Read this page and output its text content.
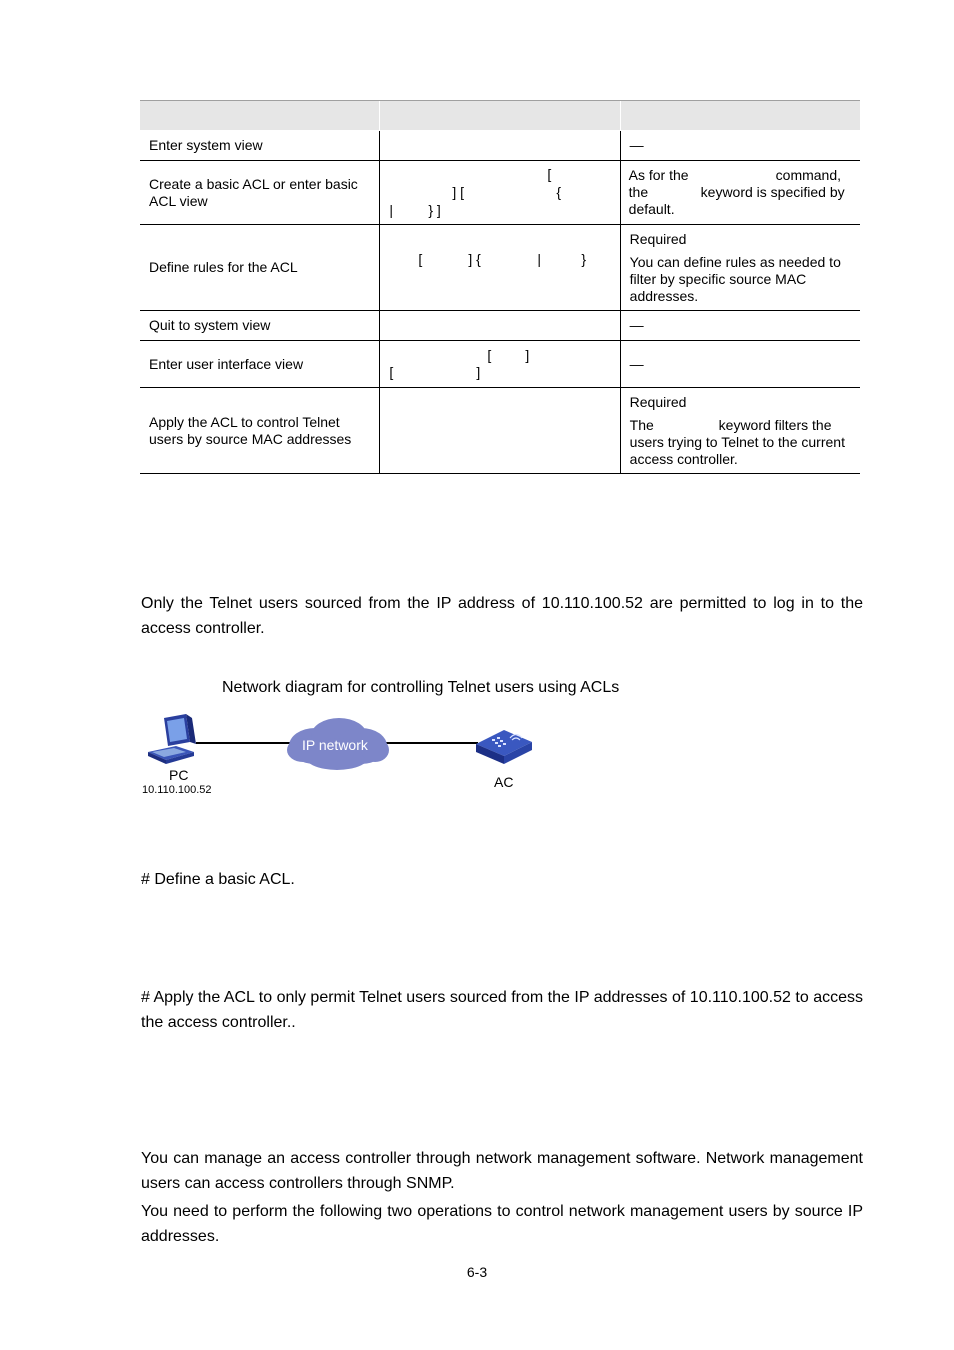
Enter system view		—
Create a basic ACL or enter basic ACL view	[
] [ {
| } ]	As for the command,
the keyword is specified by
default.

Define rules for the ACL	[ ] { | }	Required
You can define rules as needed to filter by specific source MAC addresses.
Quit to system view		—
Enter user interface view	[ ]
[ ]	—
Apply the ACL to control Telnet users by source MAC addresses		Required
The keyword filters the

users trying to Telnet to the current access controller.
Only the Telnet users sourced from the IP address of 10.110.100.52 are permitted to log in to the access controller.
Network diagram for controlling Telnet users using ACLs
IP network
PC
10.110.100.52	AC
# Define a basic ACL.
# Apply the ACL to only permit Telnet users sourced from the IP addresses of 10.110.100.52 to access the access controller..
You can manage an access controller through network management software. Network management users can access controllers through SNMP.
You need to perform the following two operations to control network management users by source IP addresses.
6-3
